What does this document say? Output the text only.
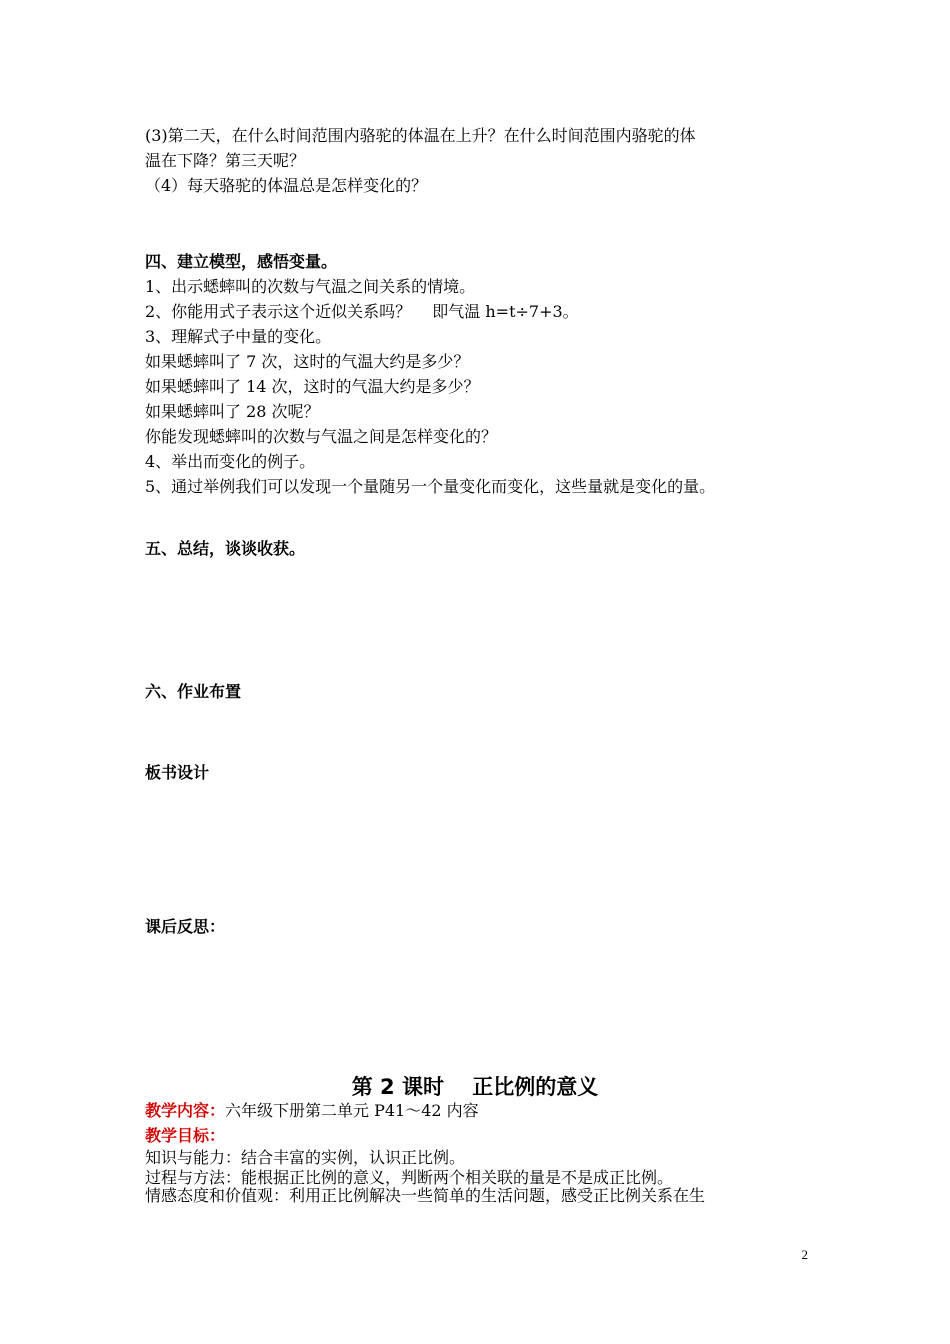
(3)第二天，在什么时间范围内骆驼的体温在上升？在什么时间范围内骆驼的体
温在下降？第三天呢？
（4）每天骆驼的体温总是怎样变化的？
四、建立模型，感悟变量。
1、出示蟋蟀叫的次数与气温之间关系的情境。
2、你能用式子表示这个近似关系吗？　 即气温 h=t÷7+3。
3、理解式子中量的变化。
如果蟋蟀叫了 7 次，这时的气温大约是多少？
如果蟋蟀叫了 14 次，这时的气温大约是多少？
如果蟋蟀叫了 28 次呢？
你能发现蟋蟀叫的次数与气温之间是怎样变化的？
4、举出而变化的例子。
5、通过举例我们可以发现一个量随另一个量变化而变化，这些量就是变化的量。
五、总结，谈谈收获。
六、作业布置
板书设计
课后反思：
第 2 课时　 正比例的意义
教学内容：六年级下册第二单元 P41～42 内容
教学目标：
知识与能力：结合丰富的实例，认识正比例。
过程与方法：能根据正比例的意义，判断两个相关联的量是不是成正比例。
情感态度和价值观：利用正比例解决一些简单的生活问题，感受正比例关系在生
2
